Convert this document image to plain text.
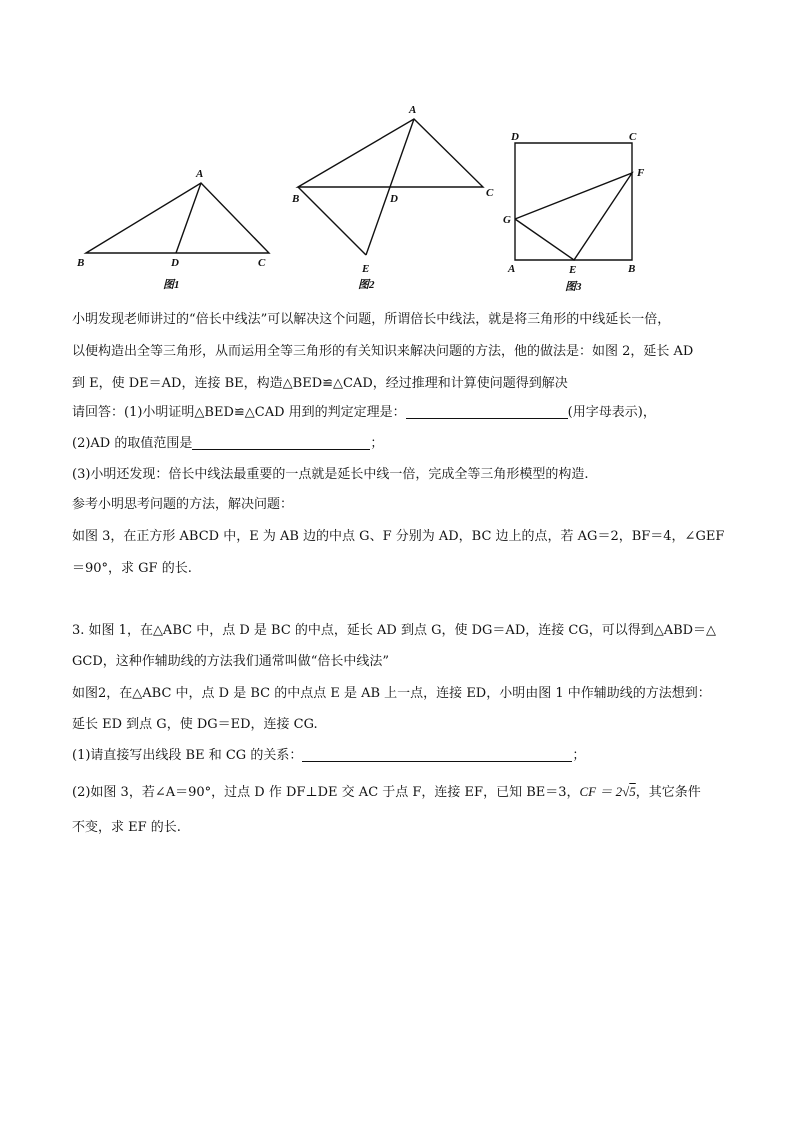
A
B	D	C
图1
A
B	D	C
E
图2
D	C
F
G
A	E	B
图3
小明发现老师讲过的“倍长中线法”可以解决这个问题，所谓倍长中线法，就是将三角形的中线延长一倍，
以便构造出全等三角形，从而运用全等三角形的有关知识来解决问题的方法，他的做法是：如图 2，延长 AD
到 E，使 DE＝AD，连接 BE，构造△BED≌△CAD，经过推理和计算使问题得到解决
请回答：(1)小明证明△BED≌△CAD 用到的判定定理是：	(用字母表示)，
(2)AD 的取值范围是	；
(3)小明还发现：倍长中线法最重要的一点就是延长中线一倍，完成全等三角形模型的构造.
参考小明思考问题的方法，解决问题：
如图 3，在正方形 ABCD 中，E 为 AB 边的中点 G、F 分别为 AD，BC 边上的点，若 AG＝2，BF＝4，∠GEF
＝90°，求 GF 的长.
3. 如图 1，在△ABC 中，点 D 是 BC 的中点，延长 AD 到点 G，使 DG＝AD，连接 CG，可以得到△ABD＝△
GCD，这种作辅助线的方法我们通常叫做“倍长中线法”
如图2，在△ABC 中，点 D 是 BC 的中点点 E 是 AB 上一点，连接 ED，小明由图 1 中作辅助线的方法想到：
延长 ED 到点 G，使 DG＝ED，连接 CG.
(1)请直接写出线段 BE 和 CG 的关系：	；
(2)如图 3，若∠A＝90°，过点 D 作 DF⊥DE 交 AC 于点 F，连接 EF，已知 BE＝3，CF ＝ 2√5，其它条件
不变，求 EF 的长.
